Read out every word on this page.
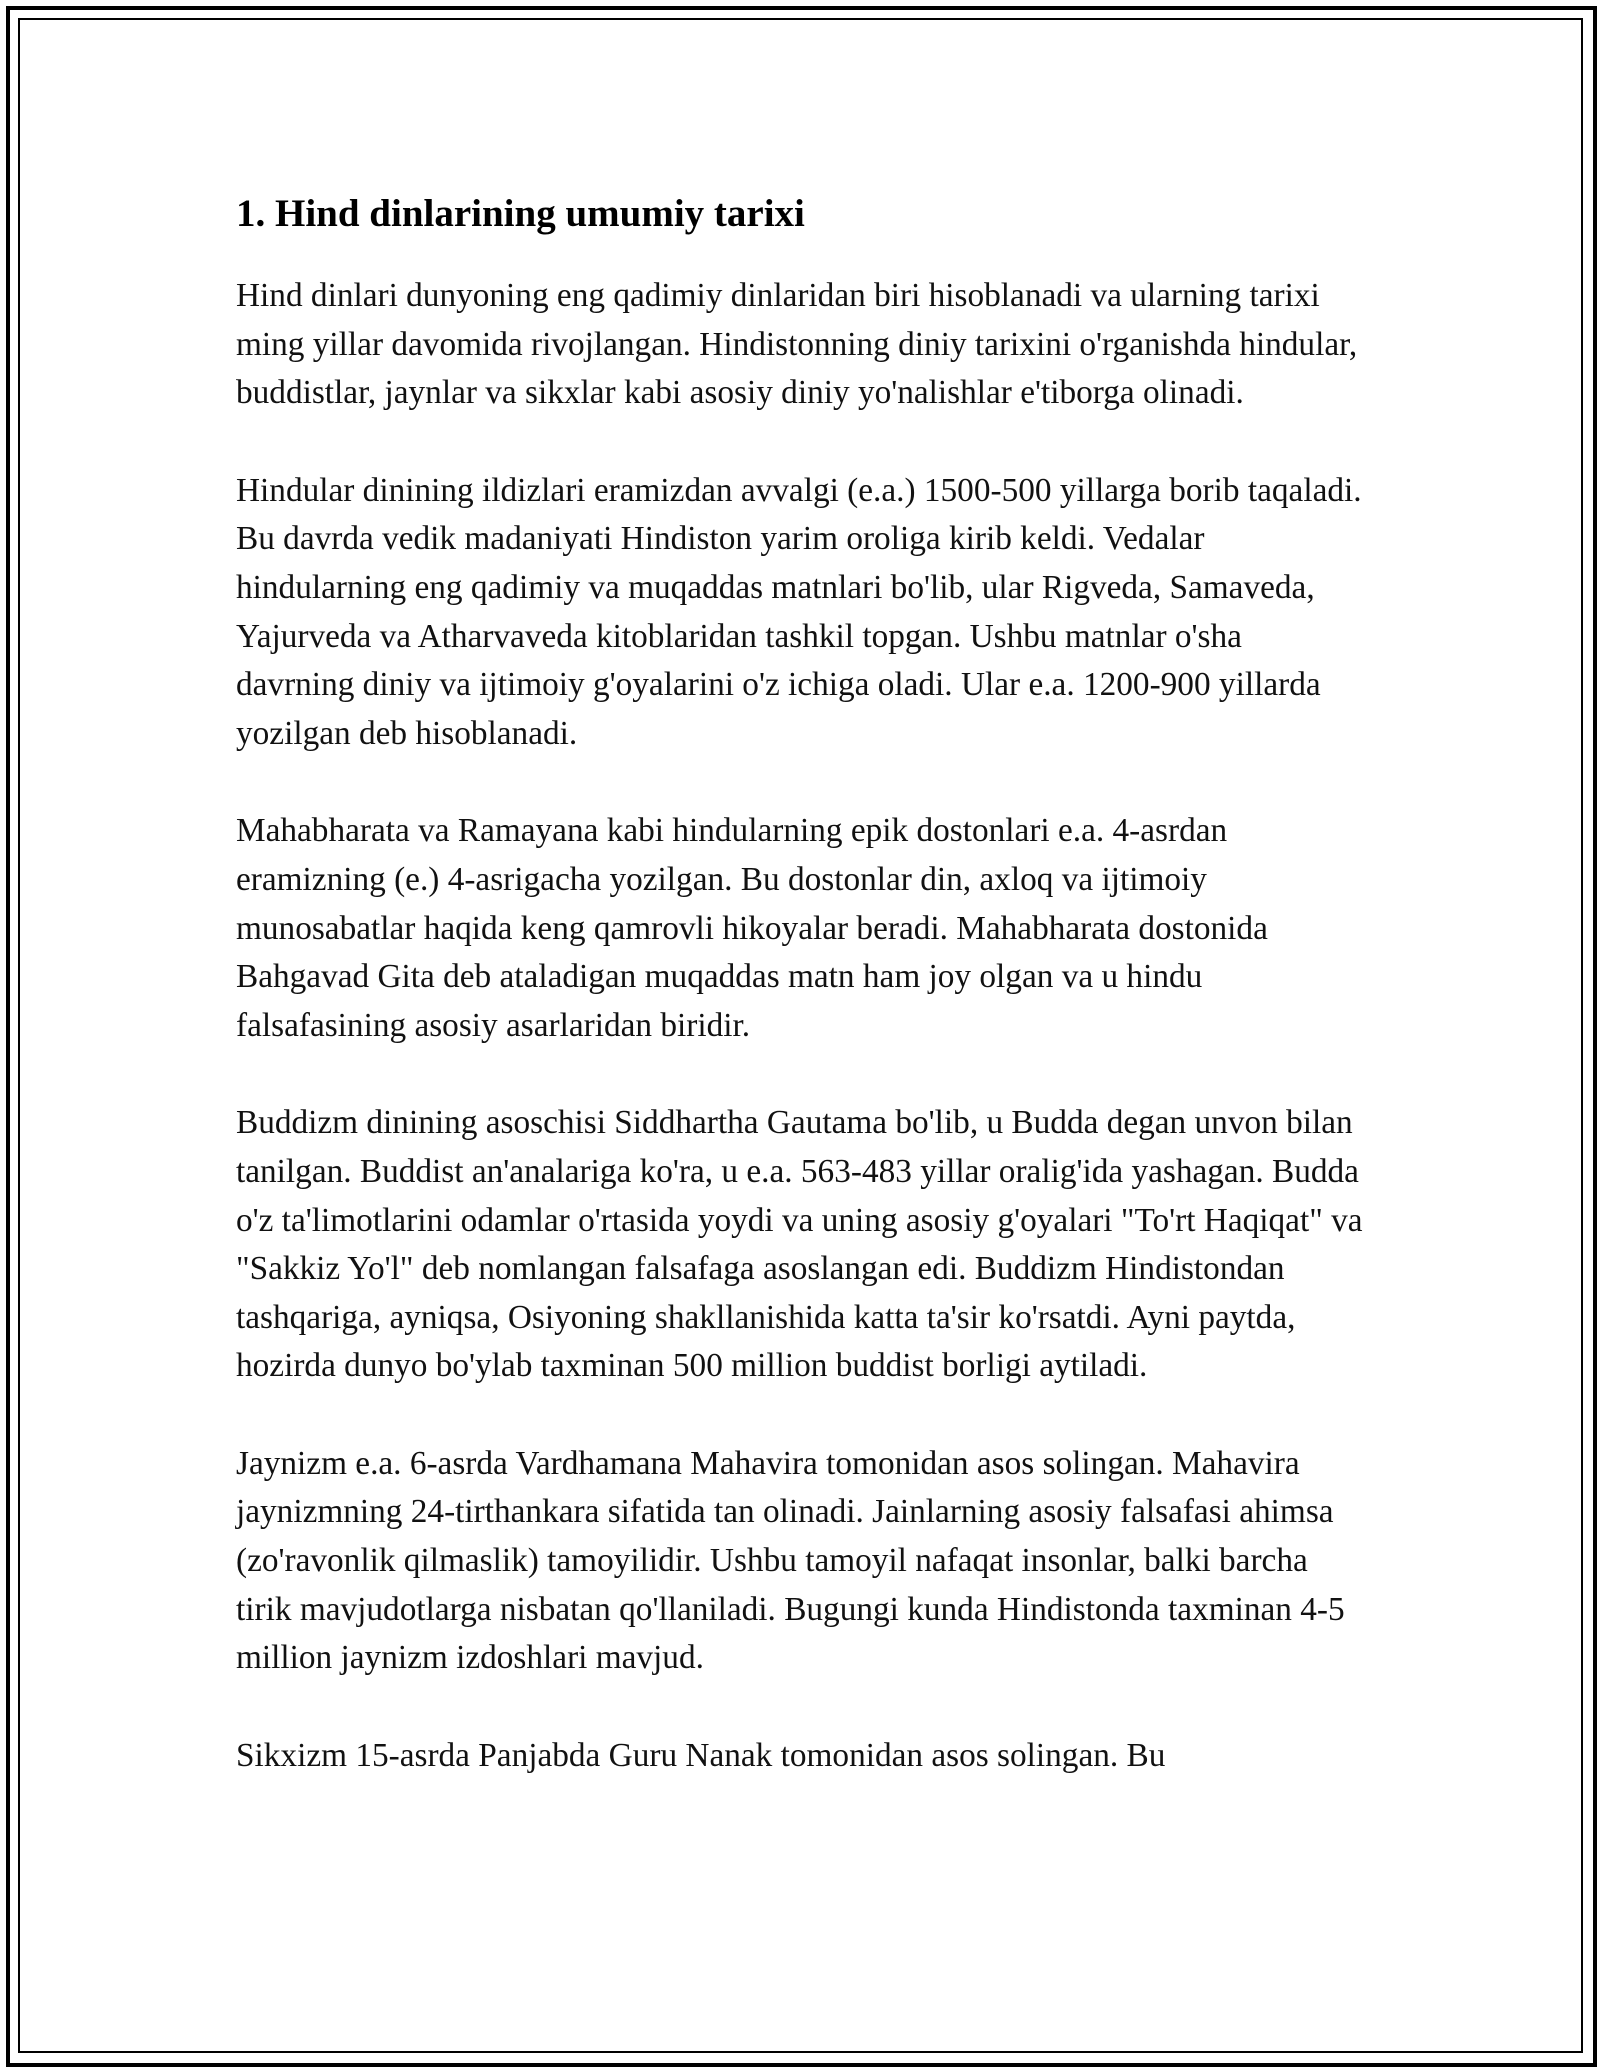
1. Hind dinlarining umumiy tarixi

Hind dinlari dunyoning eng qadimiy dinlaridan biri hisoblanadi va ularning tarixi ming yillar davomida rivojlangan. Hindistonning diniy tarixini o'rganishda hindular, buddistlar, jaynlar va sikxlar kabi asosiy diniy yo'nalishlar e'tiborga olinadi.

Hindular dinining ildizlari eramizdan avvalgi (e.a.) 1500-500 yillarga borib taqaladi. Bu davrda vedik madaniyati Hindiston yarim oroliga kirib keldi. Vedalar hindularning eng qadimiy va muqaddas matnlari bo'lib, ular Rigveda, Samaveda, Yajurveda va Atharvaveda kitoblaridan tashkil topgan. Ushbu matnlar o'sha davrning diniy va ijtimoiy g'oyalarini o'z ichiga oladi. Ular e.a. 1200-900 yillarda yozilgan deb hisoblanadi.

Mahabharata va Ramayana kabi hindularning epik dostonlari e.a. 4-asrdan eramizning (e.) 4-asrigacha yozilgan. Bu dostonlar din, axloq va ijtimoiy munosabatlar haqida keng qamrovli hikoyalar beradi. Mahabharata dostonida Bahgavad Gita deb ataladigan muqaddas matn ham joy olgan va u hindu falsafasining asosiy asarlaridan biridir.

Buddizm dinining asoschisi Siddhartha Gautama bo'lib, u Budda degan unvon bilan tanilgan. Buddist an'analariga ko'ra, u e.a. 563-483 yillar oralig'ida yashagan. Budda o'z ta'limotlarini odamlar o'rtasida yoydi va uning asosiy g'oyalari "To'rt Haqiqat" va "Sakkiz Yo'l" deb nomlangan falsafaga asoslangan edi. Buddizm Hindistondan tashqariga, ayniqsa, Osiyoning shakllanishida katta ta'sir ko'rsatdi. Ayni paytda, hozirda dunyo bo'ylab taxminan 500 million buddist borligi aytiladi.

Jaynizm e.a. 6-asrda Vardhamana Mahavira tomonidan asos solingan. Mahavira jaynizmning 24-tirthankara sifatida tan olinadi. Jainlarning asosiy falsafasi ahimsa (zo'ravonlik qilmaslik) tamoyilidir. Ushbu tamoyil nafaqat insonlar, balki barcha tirik mavjudotlarga nisbatan qo'llaniladi. Bugungi kunda Hindistonda taxminan 4-5 million jaynizm izdoshlari mavjud.

Sikxizm 15-asrda Panjabda Guru Nanak tomonidan asos solingan. Bu
